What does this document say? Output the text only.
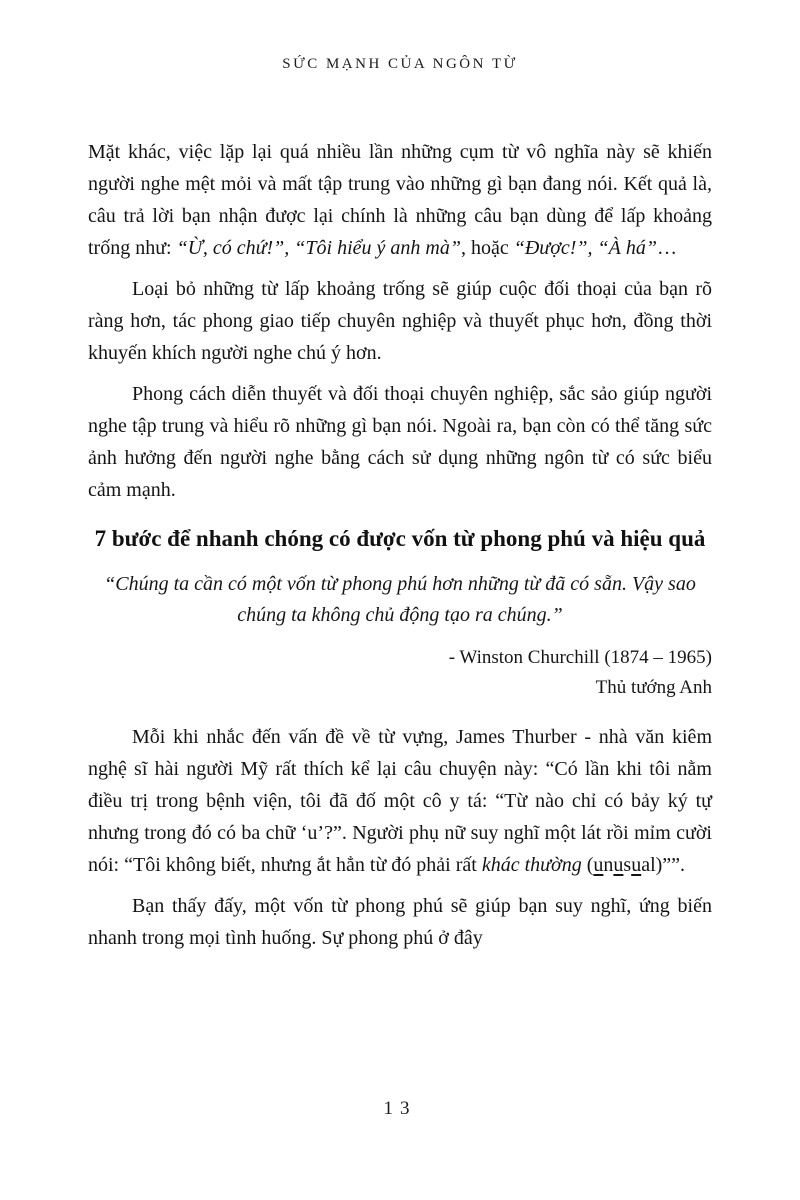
SỨC MẠNH CỦA NGÔN TỪ

Mặt khác, việc lặp lại quá nhiều lần những cụm từ vô nghĩa này sẽ khiến người nghe mệt mỏi và mất tập trung vào những gì bạn đang nói. Kết quả là, câu trả lời bạn nhận được lại chính là những câu bạn dùng để lấp khoảng trống như: “Ừ, có chứ!”, “Tôi hiểu ý anh mà”, hoặc “Được!”, “À há”…

Loại bỏ những từ lấp khoảng trống sẽ giúp cuộc đối thoại của bạn rõ ràng hơn, tác phong giao tiếp chuyên nghiệp và thuyết phục hơn, đồng thời khuyến khích người nghe chú ý hơn.

Phong cách diễn thuyết và đối thoại chuyên nghiệp, sắc sảo giúp người nghe tập trung và hiểu rõ những gì bạn nói. Ngoài ra, bạn còn có thể tăng sức ảnh hưởng đến người nghe bằng cách sử dụng những ngôn từ có sức biểu cảm mạnh.

7 bước để nhanh chóng có được vốn từ phong phú và hiệu quả

“Chúng ta cần có một vốn từ phong phú hơn những từ đã có sẵn. Vậy sao chúng ta không chủ động tạo ra chúng.”

- Winston Churchill (1874 – 1965)
Thủ tướng Anh

Mỗi khi nhắc đến vấn đề về từ vựng, James Thurber - nhà văn kiêm nghệ sĩ hài người Mỹ rất thích kể lại câu chuyện này: “Có lần khi tôi nằm điều trị trong bệnh viện, tôi đã đố một cô y tá: “Từ nào chỉ có bảy ký tự nhưng trong đó có ba chữ ‘u’?”. Người phụ nữ suy nghĩ một lát rồi mỉm cười nói: “Tôi không biết, nhưng ắt hẳn từ đó phải rất khác thường (unusual)””.

Bạn thấy đấy, một vốn từ phong phú sẽ giúp bạn suy nghĩ, ứng biến nhanh trong mọi tình huống. Sự phong phú ở đây

13
